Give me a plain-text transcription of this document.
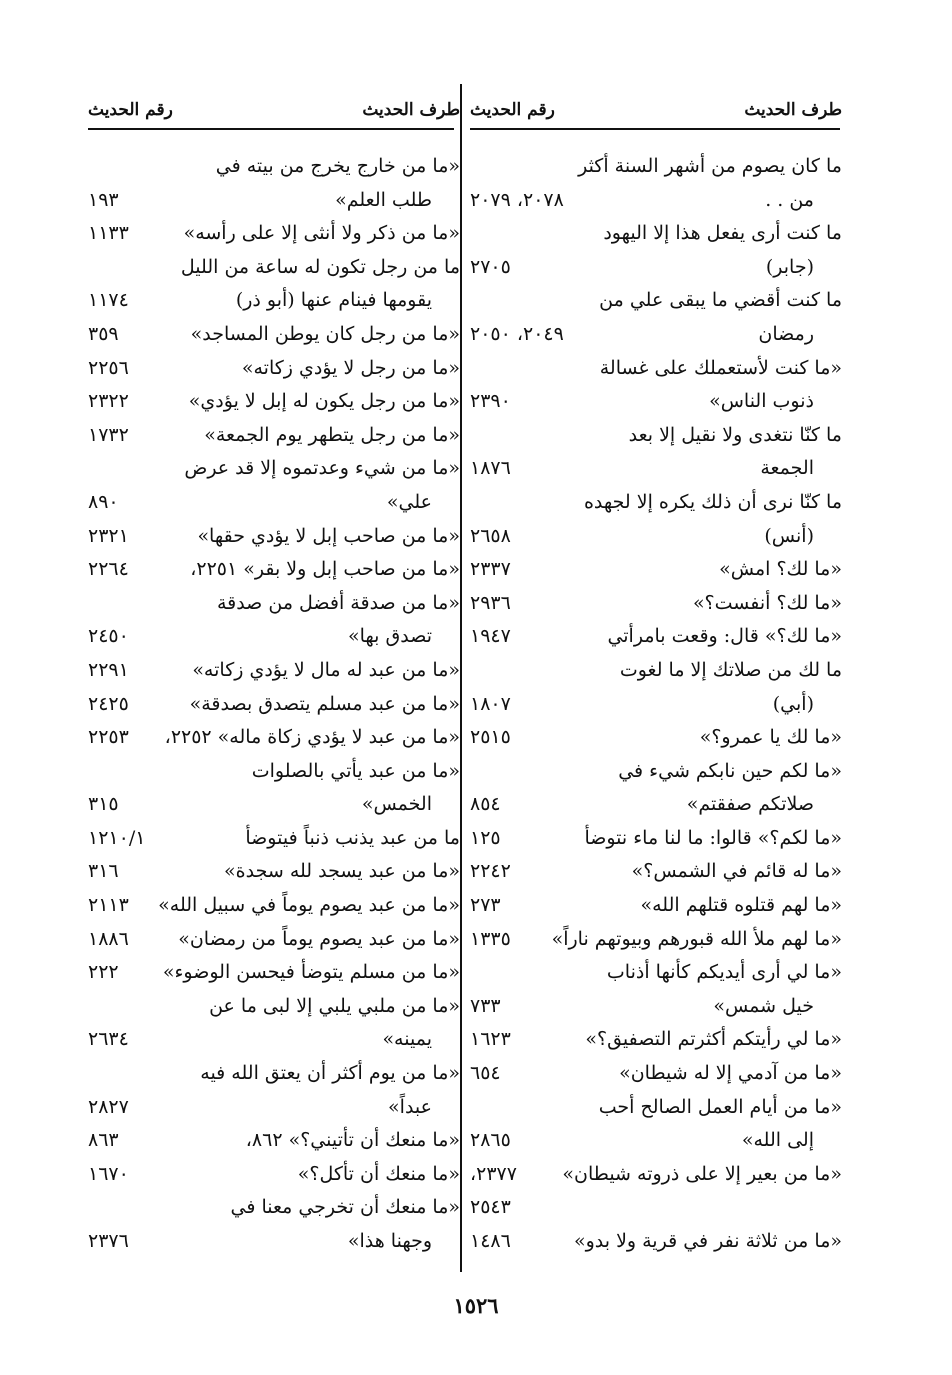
طرف الحديث
رقم الحديث
ما كان يصوم من أشهر السنة أكثر
من . .
٢٠٧٨، ٢٠٧٩
ما كنت أرى يفعل هذا إلا اليهود
(جابر)
٢٧٠٥
ما كنت أقضي ما يبقى علي من
رمضان
٢٠٤٩، ٢٠٥٠
«ما كنت لأستعملك على غسالة
ذنوب الناس»
٢٣٩٠
ما كنّا نتغدى ولا نقيل إلا بعد
الجمعة
١٨٧٦
ما كنّا نرى أن ذلك يكره إلا لجهده
(أنس)
٢٦٥٨
«ما لك؟ امش»
٢٣٣٧
«ما لك؟ أنفست؟»
٢٩٣٦
«ما لك؟» قال: وقعت بامرأتي
١٩٤٧
ما لك من صلاتك إلا ما لغوت
(أبي)
١٨٠٧
«ما لك يا عمرو؟»
٢٥١٥
«ما لكم حين نابكم شيء في
صلاتكم صفقتم»
٨٥٤
«ما لكم؟» قالوا: ما لنا ماء نتوضأ
١٢٥
«ما له قائم في الشمس؟»
٢٢٤٢
«ما لهم قتلوه قتلهم الله»
٢٧٣
«ما لهم ملأ الله قبورهم وبيوتهم ناراً»
١٣٣٥
«ما لي أرى أيديكم كأنها أذناب
خيل شمس»
٧٣٣
«ما لي رأيتكم أكثرتم التصفيق؟»
١٦٢٣
«ما من آدمي إلا له شيطان»
٦٥٤
«ما من أيام العمل الصالح أحب
إلى الله»
٢٨٦٥
«ما من بعير إلا على ذروته شيطان»
٢٣٧٧،
٢٥٤٣
«ما من ثلاثة نفر في قرية ولا بدو»
١٤٨٦
طرف الحديث
رقم الحديث
«ما من خارج يخرج من بيته في
طلب العلم»
١٩٣
«ما من ذكر ولا أنثى إلا على رأسه»
١١٣٣
ما من رجل تكون له ساعة من الليل
يقومها فينام عنها (أبو ذر)
١١٧٤
«ما من رجل كان يوطن المساجد»
٣٥٩
«ما من رجل لا يؤدي زكاته»
٢٢٥٦
«ما من رجل يكون له إبل لا يؤدي»
٢٣٢٢
«ما من رجل يتطهر يوم الجمعة»
١٧٣٢
«ما من شيء وعدتموه إلا قد عرض
علي»
٨٩٠
«ما من صاحب إبل لا يؤدي حقها»
٢٣٢١
«ما من صاحب إبل ولا بقر» ٢٢٥١،
٢٢٦٤
«ما من صدقة أفضل من صدقة
تصدق بها»
٢٤٥٠
«ما من عبد له مال لا يؤدي زكاته»
٢٢٩١
«ما من عبد مسلم يتصدق بصدقة»
٢٤٢٥
«ما من عبد لا يؤدي زكاة ماله» ٢٢٥٢،
٢٢٥٣
«ما من عبد يأتي بالصلوات
الخمس»
٣١٥
ما من عبد يذنب ذنباً فيتوضأ
١٢١٠/١
«ما من عبد يسجد لله سجدة»
٣١٦
«ما من عبد يصوم يوماً في سبيل الله»
٢١١٣
«ما من عبد يصوم يوماً من رمضان»
١٨٨٦
«ما من مسلم يتوضأ فيحسن الوضوء»
٢٢٢
«ما من ملبي يلبي إلا لبى ما عن
يمينه»
٢٦٣٤
«ما من يوم أكثر أن يعتق الله فيه
عبداً»
٢٨٢٧
«ما منعك أن تأتيني؟» ٨٦٢،
٨٦٣
«ما منعك أن تأكل؟»
١٦٧٠
«ما منعك أن تخرجي معنا في
وجهنا هذا»
٢٣٧٦
١٥٢٦
